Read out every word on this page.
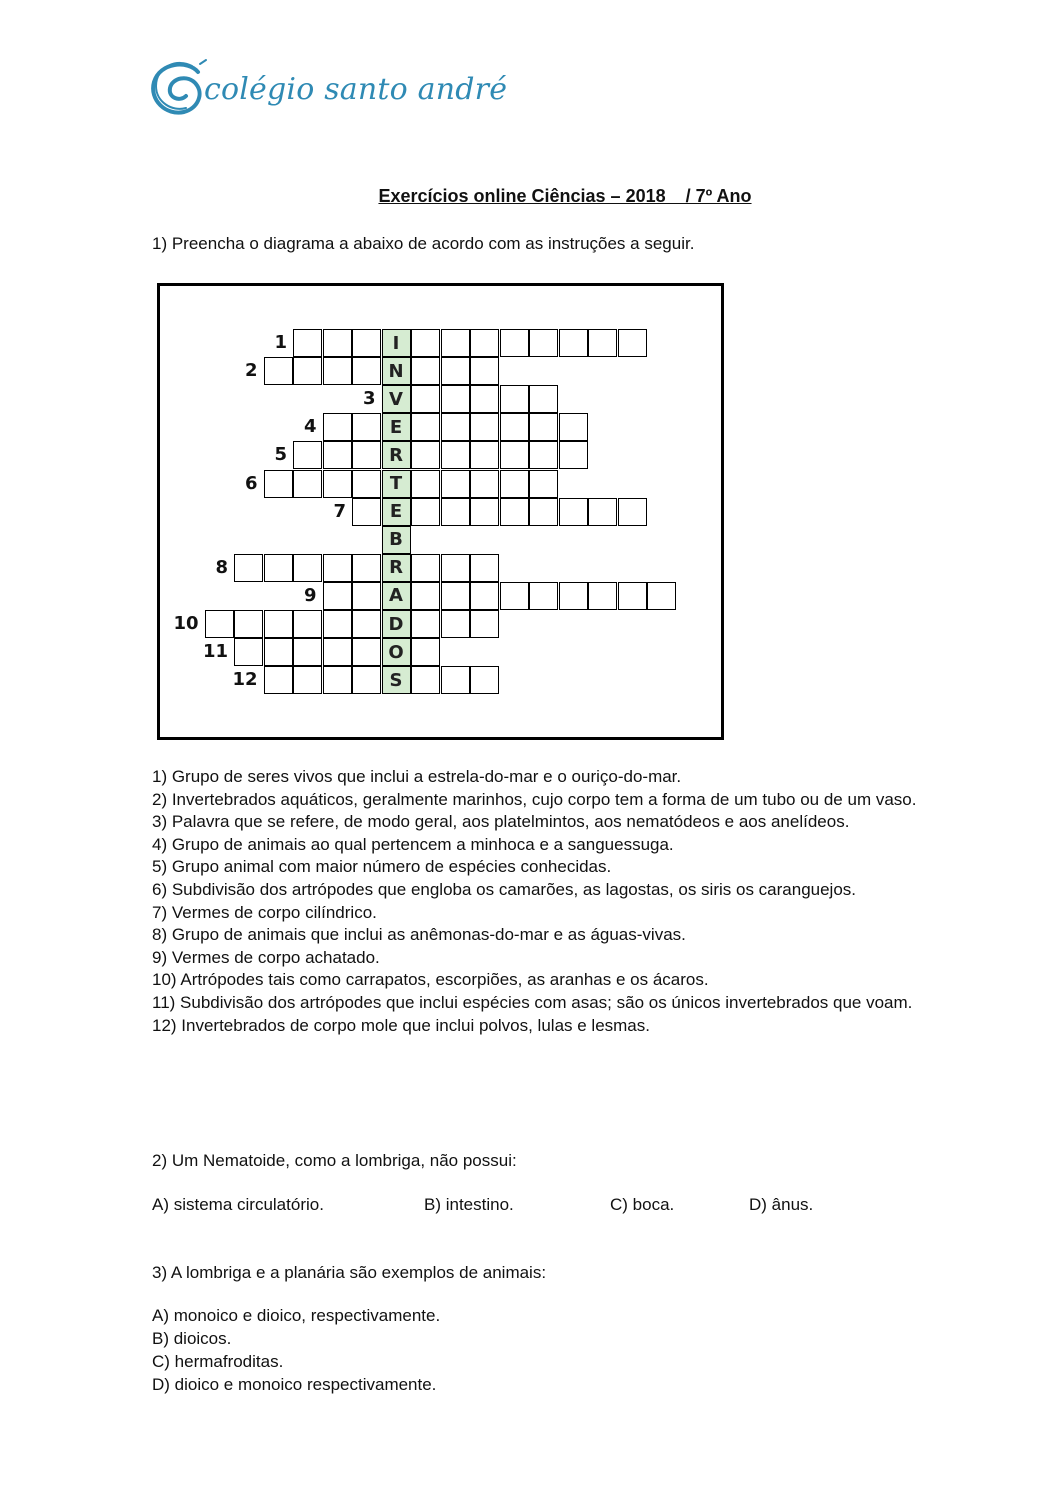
colégio santo andré
Exercícios online Ciências – 2018    / 7º Ano
1) Preencha o diagrama a abaixo de acordo com as instruções a seguir.
I
1
N
2
V
3
E
4
R
5
T
6
E
7
B
R
8
A
9
D
10
O
11
S
12
1) Grupo de seres vivos que inclui a estrela-do-mar e o ouriço-do-mar.
2) Invertebrados aquáticos, geralmente marinhos, cujo corpo tem a forma de um tubo ou de um vaso.
3) Palavra que se refere, de modo geral, aos platelmintos, aos nematódeos e aos anelídeos.
4) Grupo de animais ao qual pertencem a minhoca e a sanguessuga.
5) Grupo animal com maior número de espécies conhecidas.
6) Subdivisão dos artrópodes que engloba os camarões, as lagostas, os siris os caranguejos.
7) Vermes de corpo cilíndrico.
8) Grupo de animais que inclui as anêmonas-do-mar e as águas-vivas.
9) Vermes de corpo achatado.
10) Artrópodes tais como carrapatos, escorpiões, as aranhas e os ácaros.
11) Subdivisão dos artrópodes que inclui espécies com asas; são os únicos invertebrados que voam.
12) Invertebrados de corpo mole que inclui polvos, lulas e lesmas.
2) Um Nematoide, como a lombriga, não possui:
A) sistema circulatório.	B) intestino.	C) boca.	D) ânus.
3) A lombriga e a planária são exemplos de animais:
A) monoico e dioico, respectivamente.
B) dioicos.
C) hermafroditas.
D) dioico e monoico respectivamente.
